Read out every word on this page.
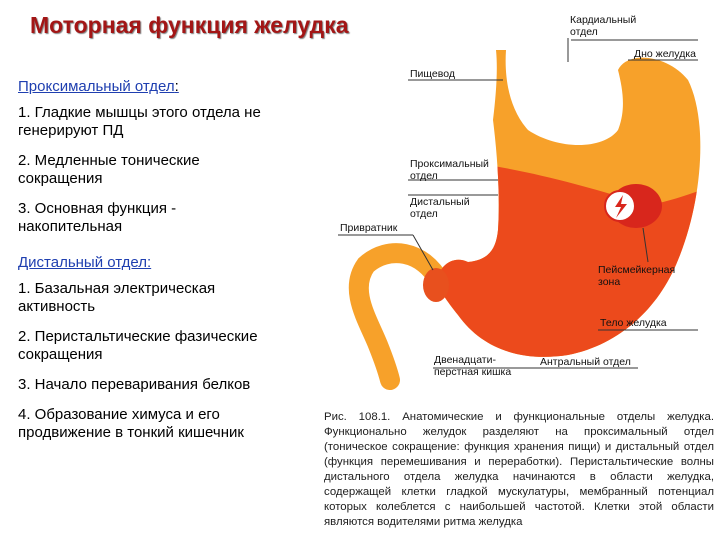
Моторная функция желудка
Проксимальный отдел:
1. Гладкие мышцы этого отдела не генерируют ПД
2. Медленные тонические сокращения
3. Основная функция - накопительная
Дистальный отдел:
1. Базальная электрическая активность
2. Перистальтические фазические сокращения
3. Начало переваривания белков
4. Образование химуса и его продвижение в тонкий кишечник
Кардиальный
отдел
Дно желудка
Пищевод
Проксимальный
отдел
Дистальный
отдел
Привратник
Пейсмейкерная
зона
Тело желудка
Двенадцати-
перстная кишка
Антральный отдел
Рис. 108.1. Анатомические и функциональные отделы желудка. Функционально желудок разделяют на проксимальный отдел (тоническое сокращение: функция хранения пищи) и дистальный отдел (функция перемешивания и переработки). Перистальтические волны дистального отдела желудка начинаются в области желудка, содержащей клетки гладкой мускулатуры, мембранный потенциал которых колеблется с наибольшей частотой. Клетки этой области являются водителями ритма желудка
